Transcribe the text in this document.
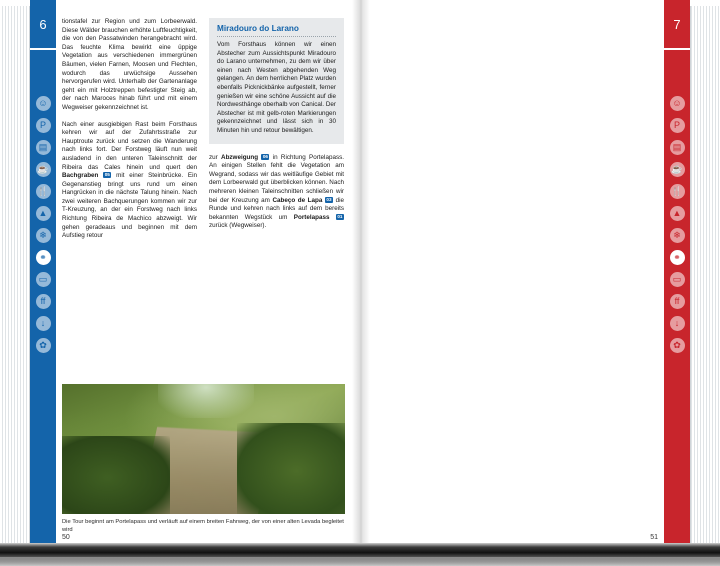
6
☺
P
▤
☕
🍴
▲
❄
⚭
▭
ff
↓
✿

tionstafel zur Region und zum Lorbeerwald. Diese Wälder brauchen erhöhte Luftfeuchtigkeit, die von den Passatwinden herangebracht wird. Das feuchte Klima bewirkt eine üppige Vegetation aus verschiedenen immergrünen Bäumen, vielen Farnen, Moosen und Flechten, wodurch das urwüchsige Aussehen hervorgerufen wird. Unterhalb der Gartenanlage geht ein mit Holztreppen befestigter Steig ab, der nach Maroces hinab führt und mit einem Wegweiser gekennzeichnet ist.

Nach einer ausgiebigen Rast beim Forsthaus kehren wir auf der Zufahrtsstraße zur Hauptroute zurück und setzen die Wanderung nach links fort. Der Forstweg läuft nun weit ausladend in den unteren Taleinschnitt der Ribeira das Cales hinein und quert den Bachgraben 05 mit einer Steinbrücke. Ein Gegenanstieg bringt uns rund um einen Hangrücken in die nächste Talung hinein. Nach zwei weiteren Bachquerungen kommen wir zur T-Kreuzung, an der ein Forstweg nach links Richtung Ribeira de Machico abzweigt. Wir gehen geradeaus und beginnen mit dem Aufstieg retour

Miradouro do Larano

Vom Forsthaus können wir einen Abstecher zum Aussichtspunkt Miradouro do Larano unternehmen, zu dem wir über einen nach Westen abgehenden Weg gelangen. An dem herrlichen Platz wurden ebenfalls Picknickbänke aufgestellt, ferner genießen wir eine schöne Aussicht auf die Nordwesthänge oberhalb von Canical. Der Abstecher ist mit gelb-roten Markierungen gekennzeichnet und lässt sich in 30 Minuten hin und retour bewältigen.

zur Abzweigung 06 in Richtung Portelapass. An einigen Stellen fehlt die Vegetation am Wegrand, sodass wir das weitläufige Gebiet mit dem Lorbeerwald gut überblicken können. Nach mehreren kleinen Taleinschnitten schließen wir bei der Kreuzung am Cabeço de Lapa 03 die Runde und kehren nach links auf dem bereits bekannten Wegstück um Portelapass 01 zurück (Wegweiser).

Die Tour beginnt am Portelapass und verläuft auf einem breiten Fahrweg, der von einer alten Levada begleitet wird
50
7
☺
P
▤
☕
🍴
▲
❄
⚭
▭
ff
↓
✿

51
